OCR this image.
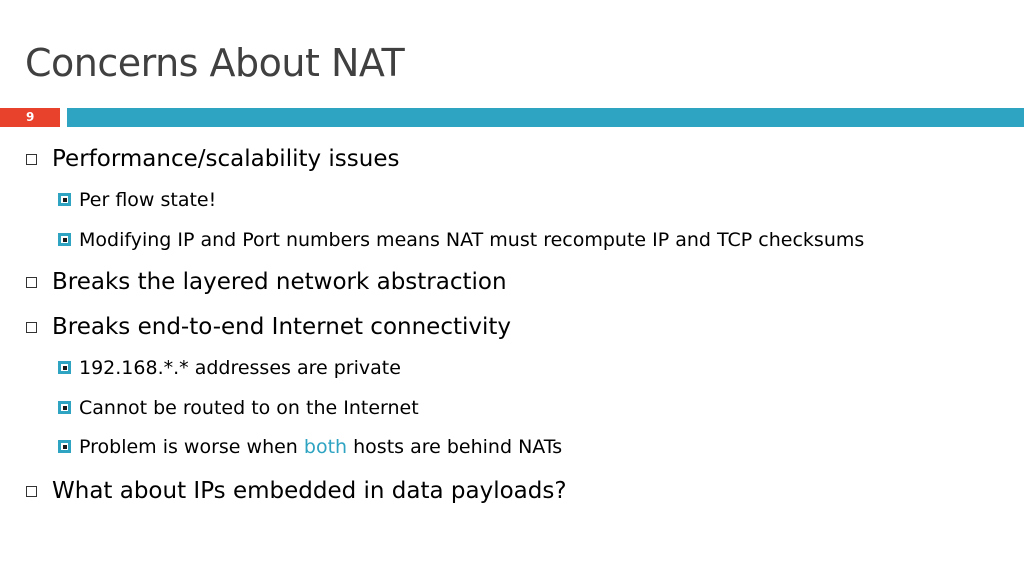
Concerns About NAT
9
Performance/scalability issues
Per flow state!
Modifying IP and Port numbers means NAT must recompute IP and TCP checksums
Breaks the layered network abstraction
Breaks end-to-end Internet connectivity
192.168.*.* addresses are private
Cannot be routed to on the Internet
Problem is worse when both hosts are behind NATs
What about IPs embedded in data payloads?
